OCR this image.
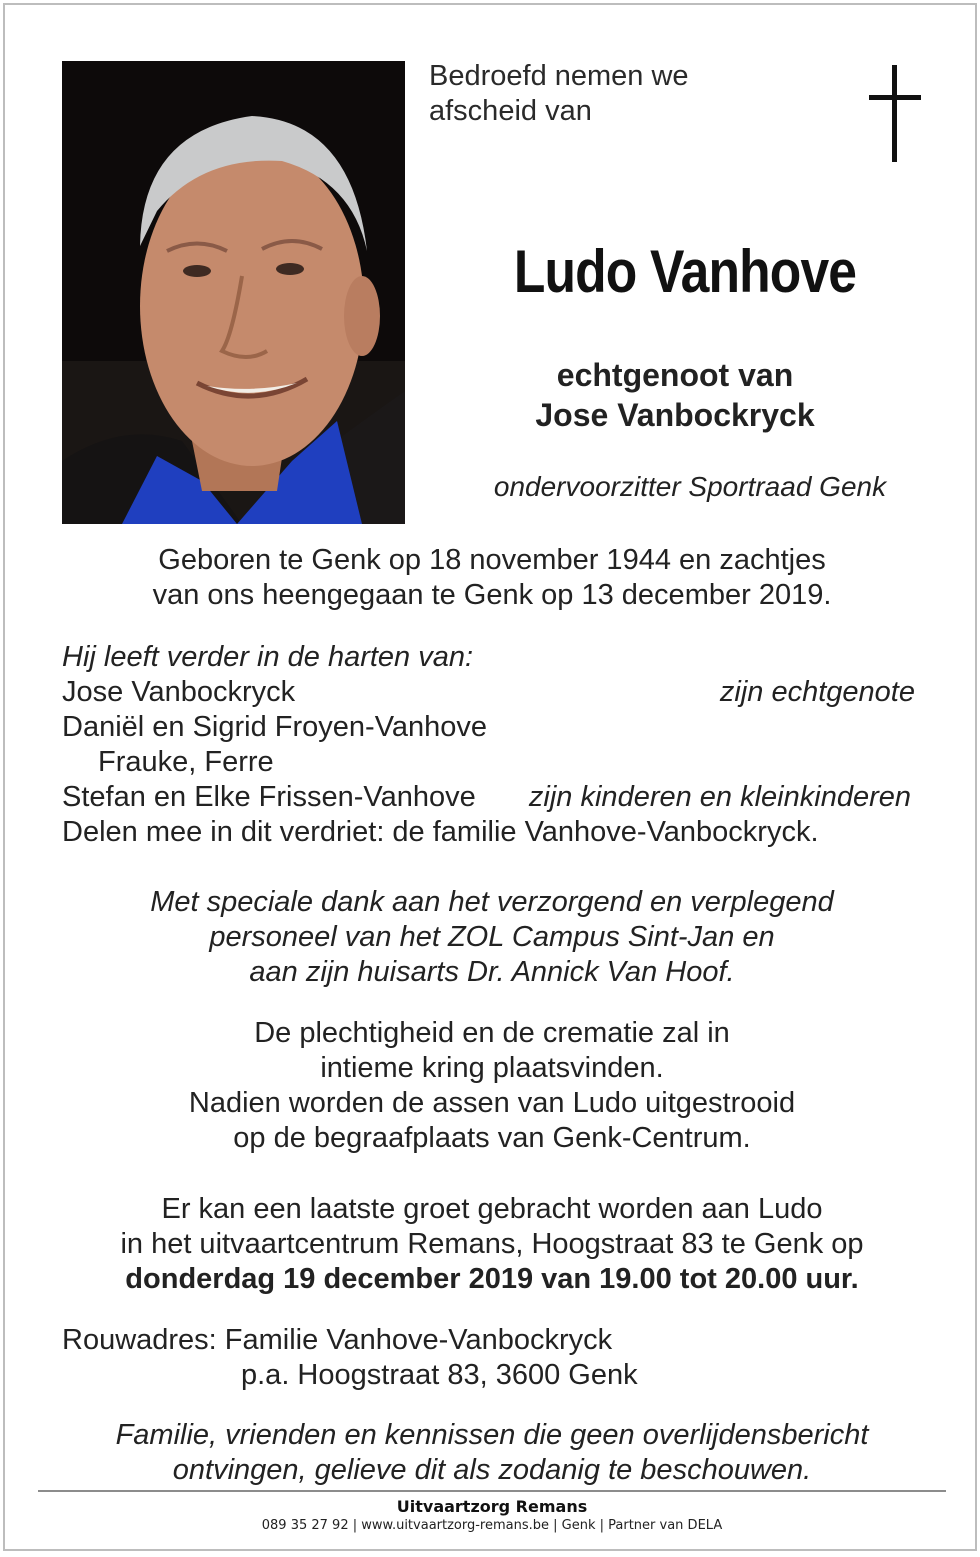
Bedroefd nemen we
afscheid van
Ludo Vanhove
echtgenoot van
Jose Vanbockryck
ondervoorzitter Sportraad Genk
Geboren te Genk op 18 november 1944 en zachtjes
van ons heengegaan te Genk op 13 december 2019.
Hij leeft verder in de harten van:
Jose Vanbockryck	zijn echtgenote
Daniël en Sigrid Froyen-Vanhove
Frauke, Ferre
Stefan en Elke Frissen-Vanhove zijn kinderen en kleinkinderen
Delen mee in dit verdriet: de familie Vanhove-Vanbockryck.
Met speciale dank aan het verzorgend en verplegend
personeel van het ZOL Campus Sint-Jan en
aan zijn huisarts Dr. Annick Van Hoof.
De plechtigheid en de crematie zal in
intieme kring plaatsvinden.
Nadien worden de assen van Ludo uitgestrooid
op de begraafplaats van Genk-Centrum.
Er kan een laatste groet gebracht worden aan Ludo
in het uitvaartcentrum Remans, Hoogstraat 83 te Genk op
donderdag 19 december 2019 van 19.00 tot 20.00 uur.
Rouwadres: Familie Vanhove-Vanbockryck
p.a. Hoogstraat 83, 3600 Genk
Familie, vrienden en kennissen die geen overlijdensbericht
ontvingen, gelieve dit als zodanig te beschouwen.
Uitvaartzorg Remans
089 35 27 92 | www.uitvaartzorg-remans.be | Genk | Partner van DELA
